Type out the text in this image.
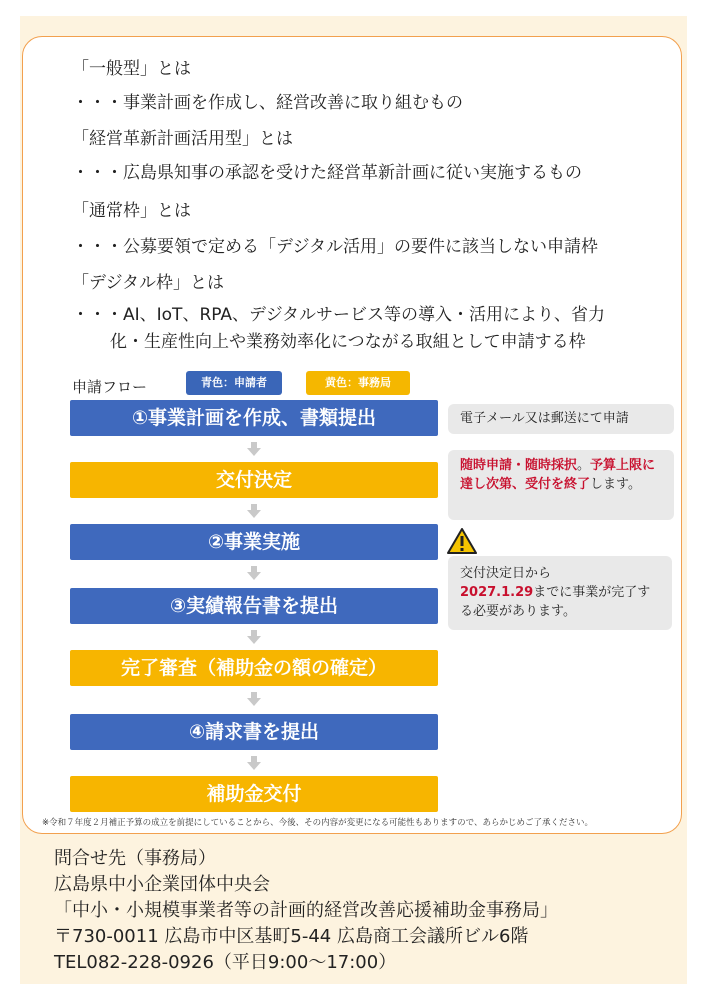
「一般型」とは
・・・事業計画を作成し、経営改善に取り組むもの
「経営革新計画活用型」とは
・・・広島県知事の承認を受けた経営革新計画に従い実施するもの
「通常枠」とは
・・・公募要領で定める「デジタル活用」の要件に該当しない申請枠
「デジタル枠」とは
・・・AI、IoT、RPA、デジタルサービス等の導入・活用により、省力
化・生産性向上や業務効率化につながる取組として申請する枠
申請フロー	青色：申請者	黄色：事務局
①事業計画を作成、書類提出
交付決定
②事業実施
③実績報告書を提出
完了審査（補助金の額の確定）
④請求書を提出
補助金交付
電子メール又は郵送にて申請
随時申請・随時採択。予算上限に達し次第、受付を終了します。
交付決定日から
2027.1.29までに事業が完了する必要があります。
※令和７年度２月補正予算の成立を前提にしていることから、今後、その内容が変更になる可能性もありますので、あらかじめご了承ください。
問合せ先（事務局）
広島県中小企業団体中央会
「中小・小規模事業者等の計画的経営改善応援補助金事務局」
〒730-0011 広島市中区基町5-44 広島商工会議所ビル6階
TEL082-228-0926（平日9:00～17:00）
